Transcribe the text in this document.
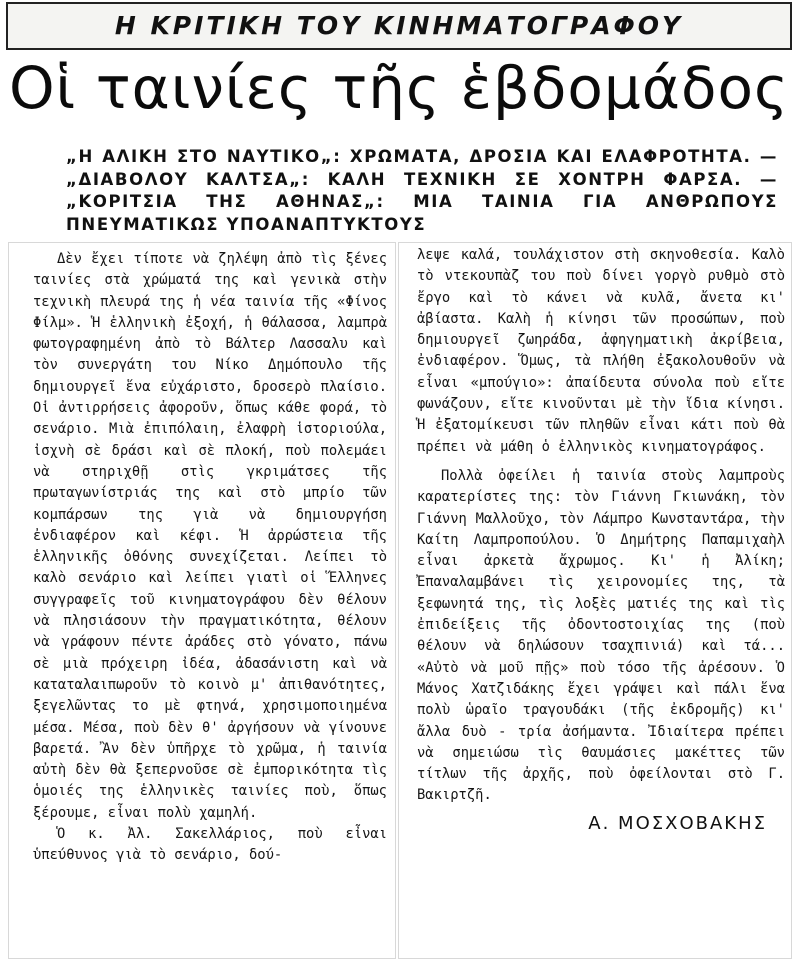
Η ΚΡΙΤΙΚΗ ΤΟΥ ΚΙΝΗΜΑΤΟΓΡΑΦΟΥ
Οἱ ταινίες τῆς ἑβδομάδος

„Η ΑΛΙΚΗ ΣΤΟ ΝΑΥΤΙΚΟ„: ΧΡΩΜΑΤΑ, ΔΡΟΣΙΑ ΚΑΙ ΕΛΑΦΡΟΤΗΤΑ. — „ΔΙΑΒΟΛΟΥ ΚΑΛΤΣΑ„: ΚΑΛΗ ΤΕΧΝΙΚΗ ΣΕ ΧΟΝΤΡΗ ΦΑΡΣΑ. — „ΚΟΡΙΤΣΙΑ ΤΗΣ ΑΘΗΝΑΣ„: ΜΙΑ ΤΑΙΝΙΑ ΓΙΑ ΑΝΘΡΩΠΟΥΣ ΠΝΕΥΜΑΤΙΚΩΣ ΥΠΟΑΝΑΠΤΥΚΤΟΥΣ

Δὲν ἔχει τίποτε νὰ ζηλέψη ἀπὸ τὶς ξένες ταινίες στὰ χρώματά της καὶ γενικὰ στὴν τεχνικὴ πλευρά της ἡ νέα ταινία τῆς «Φίνος Φίλμ». Ἡ ἑλληνικὴ ἐξοχή, ἡ θάλασσα, λαμπρὰ φωτογραφημένη ἀπὸ τὸ Βάλτερ Λασσαλυ καὶ τὸν συνεργάτη του Νίκο Δημόπουλο τῆς δημιουργεῖ ἕνα εὐχάριστο, δροσερὸ πλαίσιο. Οἱ ἀντιρρήσεις ἀφοροῦν, ὅπως κάθε φορά, τὸ σενάριο. Μιὰ ἐπιπόλαιη, ἐλαφρὴ ἱστοριούλα, ἰσχνὴ σὲ δράσι καὶ σὲ πλοκή, ποὺ πολεμάει νὰ στηριχθῇ στὶς γκριμάτσες τῆς πρωταγωνίστριάς της καὶ στὸ μπρίο τῶν κομπάρσων της γιὰ νὰ δημιουργήση ἐνδιαφέρον καὶ κέφι. Ἡ ἀρρώστεια τῆς ἑλληνικῆς ὀθόνης συνεχίζεται. Λείπει τὸ καλὸ σενάριο καὶ λείπει γιατὶ οἱ Ἕλληνες συγγραφεῖς τοῦ κινηματογράφου δὲν θέλουν νὰ πλησιάσουν τὴν πραγματικότητα, θέλουν νὰ γράφουν πέντε ἀράδες στὸ γόνατο, πάνω σὲ μιὰ πρόχειρη ἰδέα, ἀδασάνιστη καὶ νὰ καταταλαιπωροῦν τὸ κοινὸ μ' ἀπιθανότητες, ξεγελῶντας το μὲ φτηνά, χρησιμοποιημένα μέσα. Μέσα, ποὺ δὲν θ' ἀργήσουν νὰ γίνουνε βαρετά. Ἂν δὲν ὑπῆρχε τὸ χρῶμα, ἡ ταινία αὐτὴ δὲν θὰ ξεπερνοῦσε σὲ ἐμπορικότητα τὶς ὁμοιές της ἑλληνικὲς ταινίες ποὺ, ὅπως ξέρουμε, εἶναι πολὺ χαμηλή.

Ὁ κ. Ἀλ. Σακελλάριος, ποὺ εἶναι ὑπεύθυνος γιὰ τὸ σενάριο, δού-

λεψε καλά, τουλάχιστον στὴ σκηνοθεσία. Καλὸ τὸ ντεκουπὰζ του ποὺ δίνει γοργὸ ρυθμὸ στὸ ἔργο καὶ τὸ κάνει νὰ κυλᾶ, ἄνετα κι' ἀβίαστα. Καλὴ ἡ κίνησι τῶν προσώπων, ποὺ δημιουργεῖ ζωηράδα, ἀφηγηματικὴ ἀκρίβεια, ἐνδιαφέρον. Ὅμως, τὰ πλήθη ἐξακολουθοῦν νὰ εἶναι «μπούγιο»: ἀπαίδευτα σύνολα ποὺ εἴτε φωνάζουν, εἴτε κινοῦνται μὲ τὴν ἴδια κίνησι. Ἡ ἐξατομίκευσι τῶν πληθῶν εἶναι κάτι ποὺ θὰ πρέπει νὰ μάθη ὁ ἑλληνικὸς κινηματογράφος.

Πολλὰ ὀφείλει ἡ ταινία στοὺς λαμπροὺς καρατερίστες της: τὸν Γιάννη Γκιωνάκη, τὸν Γιάννη Μαλλοῦχο, τὸν Λάμπρο Κωνσταντάρα, τὴν Καίτη Λαμπροπούλου. Ὁ Δημήτρης Παπαμιχαὴλ εἶναι ἀρκετὰ ἄχρωμος. Κι' ἡ Ἀλίκη; Ἐπαναλαμβάνει τὶς χειρονομίες της, τὰ ξεφωνητά της, τὶς λοξὲς ματιές της καὶ τὶς ἐπιδείξεις τῆς ὀδοντοστοιχίας της (ποὺ θέλουν νὰ δηλώσουν τσαχπινιά) καὶ τά... «Αὐτὸ νὰ μοῦ πῇς» ποὺ τόσο τῆς ἀρέσουν. Ὁ Μάνος Χατζιδάκης ἔχει γράψει καὶ πάλι ἕνα πολὺ ὡραῖο τραγουδάκι (τῆς ἐκδρομῆς) κι' ἄλλα δυὸ - τρία ἀσήμαντα. Ἰδιαίτερα πρέπει νὰ σημειώσω τὶς θαυμάσιες μακέττες τῶν τίτλων τῆς ἀρχῆς, ποὺ ὀφείλονται στὸ Γ. Βακιρτζῆ.

Α. ΜΟΣΧΟΒΑΚΗΣ
